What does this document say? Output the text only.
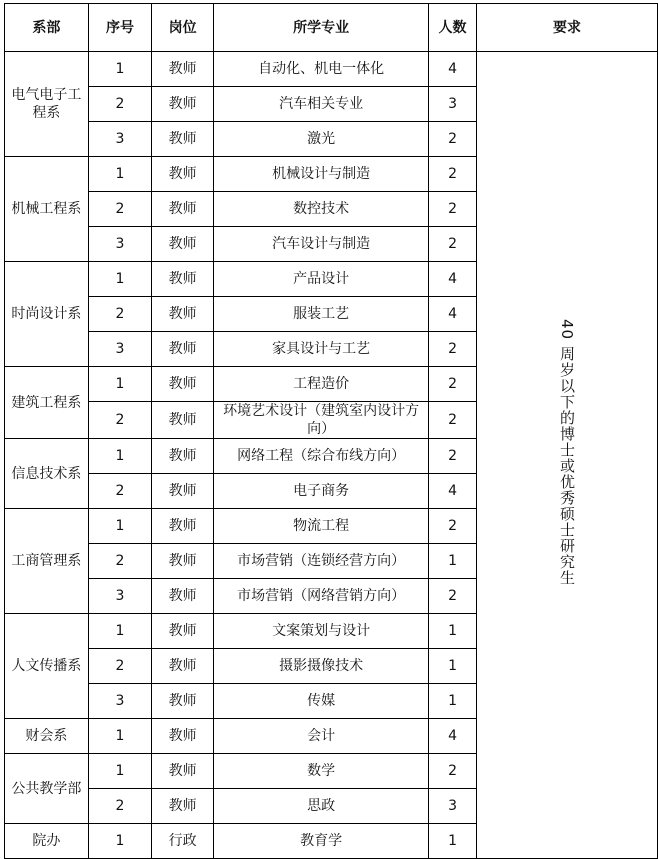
系部	序号	岗位	所学专业	人数	要求
电气电子工程系	1	教师	自动化、机电一体化	4	40 周岁以下的博士或优秀硕士研究生
	2	教师	汽车相关专业	3	
	3	教师	激光	2	
机械工程系	1	教师	机械设计与制造	2	
	2	教师	数控技术	2	
	3	教师	汽车设计与制造	2	
时尚设计系	1	教师	产品设计	4	
	2	教师	服装工艺	4	
	3	教师	家具设计与工艺	2	
建筑工程系	1	教师	工程造价	2	
	2	教师	环境艺术设计（建筑室内设计方向）	2	
信息技术系	1	教师	网络工程（综合布线方向）	2	
	2	教师	电子商务	4	
工商管理系	1	教师	物流工程	2	
	2	教师	市场营销（连锁经营方向）	1	
	3	教师	市场营销（网络营销方向）	2	
人文传播系	1	教师	文案策划与设计	1	
	2	教师	摄影摄像技术	1	
	3	教师	传媒	1	
财会系	1	教师	会计	4	
公共教学部	1	教师	数学	2	
	2	教师	思政	3	
院办	1	行政	教育学	1	
